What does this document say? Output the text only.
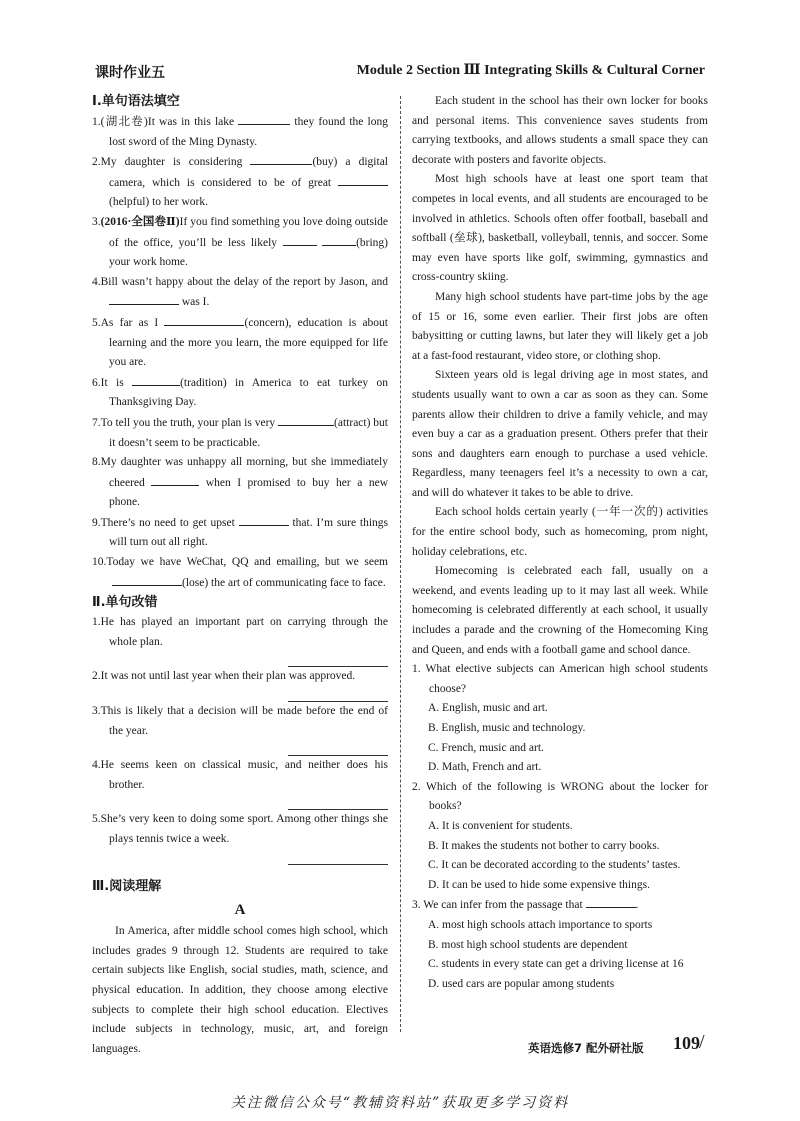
课时作业五	Module 2 Section Ⅲ Integrating Skills & Cultural Corner

Ⅰ.单句语法填空

1.(湖北卷)It was in this lake	they found the long lost sword of the Ming Dynasty.
2.My daughter is considering	(buy) a digital camera, which is considered to be of great (helpful) to her work.
3.(2016·全国卷Ⅱ)If you find something you love doing outside of the office, you’ll be less likely	(bring) your work home.
4.Bill wasn’t happy about the delay of the report by Jason, and  was I.
5.As far as I	(concern), education is about learning and the more you learn, the more equipped for life you are.
6.It is	(tradition) in America to eat turkey on Thanksgiving Day.
7.To tell you the truth, your plan is very	(attract) but it doesn’t seem to be practicable.
8.My daughter was unhappy all morning, but she immediately cheered	when I promised to buy her a new phone.
9.There’s no need to get upset	that. I’m sure things will turn out all right.
10.Today we have WeChat, QQ and emailing, but we seem (lose) the art of communicating face to face.

Ⅱ.单句改错

1.He has played an important part on carrying through the whole plan.
2.It was not until last year when their plan was approved.
3.This is likely that a decision will be made before the end of the year.
4.He seems keen on classical music, and neither does his brother.
5.She’s very keen to doing some sport. Among other things she plays tennis twice a week.

Ⅲ.阅读理解

A
In America, after middle school comes high school, which includes grades 9 through 12. Students are required to take certain subjects like English, social studies, math, science, and physical education. In addition, they choose among elective subjects to complete their high school education. Electives include subjects in technology, music, art, and foreign languages.
Each student in the school has their own locker for books and personal items. This convenience saves students from carrying textbooks, and allows students a small space they can decorate with posters and favorite objects.
Most high schools have at least one sport team that competes in local events, and all students are encouraged to be involved in athletics. Schools often offer football, baseball and softball (垒球), basketball, volleyball, tennis, and soccer. Some may even have sports like golf, swimming, gymnastics and cross-country skiing.
Many high school students have part-time jobs by the age of 15 or 16, some even earlier. Their first jobs are often babysitting or cutting lawns, but later they will likely get a job at a fast-food restaurant, video store, or clothing shop.
Sixteen years old is legal driving age in most states, and students usually want to own a car as soon as they can. Some parents allow their children to drive a family vehicle, and may even buy a car as a graduation present. Others prefer that their sons and daughters earn enough to purchase a used vehicle. Regardless, many teenagers feel it’s a necessity to own a car, and will do whatever it takes to be able to drive.
Each school holds certain yearly (一年一次的) activities for the entire school body, such as homecoming, prom night, holiday celebrations, etc.
Homecoming is celebrated each fall, usually on a weekend, and events leading up to it may last all week. While homecoming is celebrated differently at each school, it usually includes a parade and the crowning of the Homecoming King and Queen, and ends with a football game and school dance.
1. What elective subjects can American high school students choose?
A. English, music and art.
B. English, music and technology.
C. French, music and art.
D. Math, French and art.
2. Which of the following is WRONG about the locker for books?
A. It is convenient for students.
B. It makes the students not bother to carry books.
C. It can be decorated according to the students’ tastes.
D. It can be used to hide some expensive things.
3. We can infer from the passage that	.
A. most high schools attach importance to sports
B. most high school students are dependent
C. students in every state can get a driving license at 16
D. used cars are popular among students
英语选修7 配外研社版 109 /
关注微信公众号“教辅资料站”获取更多学习资料
